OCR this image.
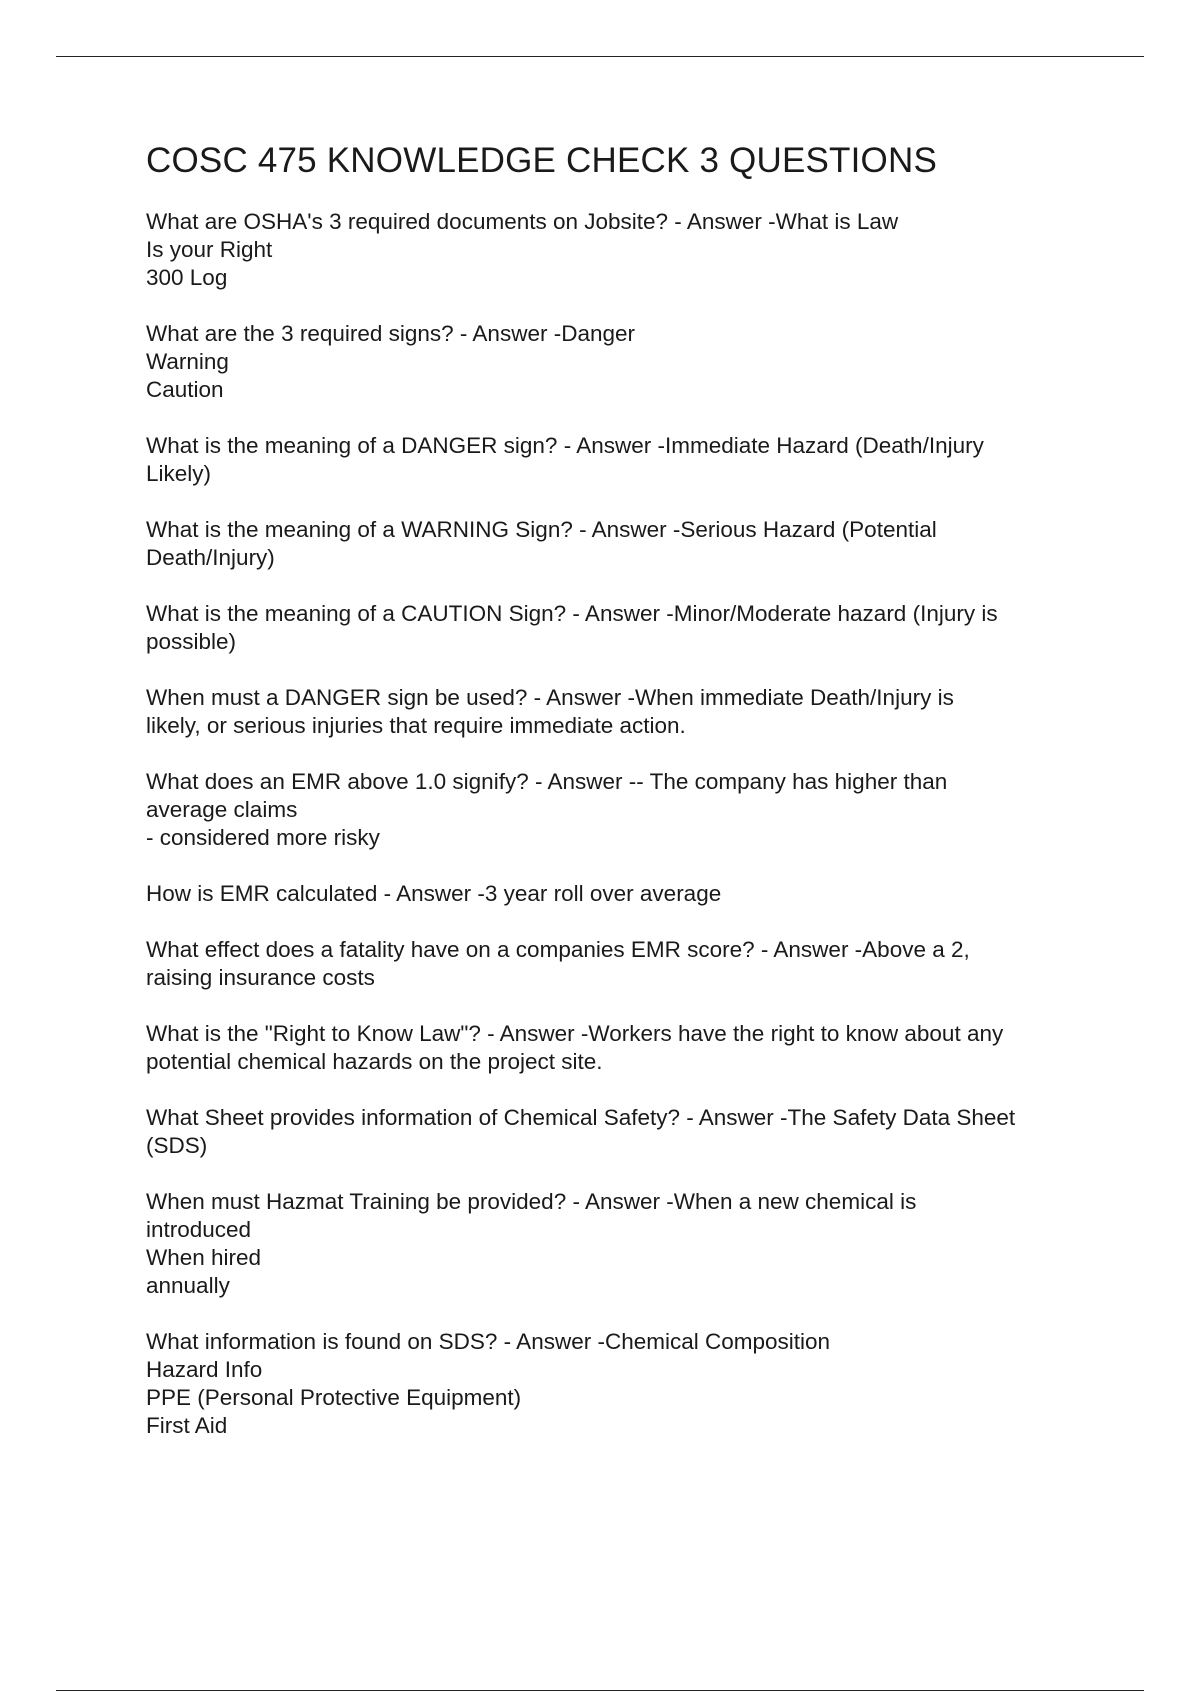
COSC 475 KNOWLEDGE CHECK 3 QUESTIONS

What are OSHA's 3 required documents on Jobsite? - Answer -What is Law
Is your Right
300 Log

What are the 3 required signs? - Answer -Danger
Warning
Caution

What is the meaning of a DANGER sign? - Answer -Immediate Hazard (Death/Injury
Likely)

What is the meaning of a WARNING Sign? - Answer -Serious Hazard (Potential
Death/Injury)

What is the meaning of a CAUTION Sign? - Answer -Minor/Moderate hazard (Injury is
possible)

When must a DANGER sign be used? - Answer -When immediate Death/Injury is
likely, or serious injuries that require immediate action.

What does an EMR above 1.0 signify? - Answer -- The company has higher than
average claims
- considered more risky

How is EMR calculated - Answer -3 year roll over average

What effect does a fatality have on a companies EMR score? - Answer -Above a 2,
raising insurance costs

What is the "Right to Know Law"? - Answer -Workers have the right to know about any
potential chemical hazards on the project site.

What Sheet provides information of Chemical Safety? - Answer -The Safety Data Sheet
(SDS)

When must Hazmat Training be provided? - Answer -When a new chemical is
introduced
When hired
annually

What information is found on SDS? - Answer -Chemical Composition
Hazard Info
PPE (Personal Protective Equipment)
First Aid
